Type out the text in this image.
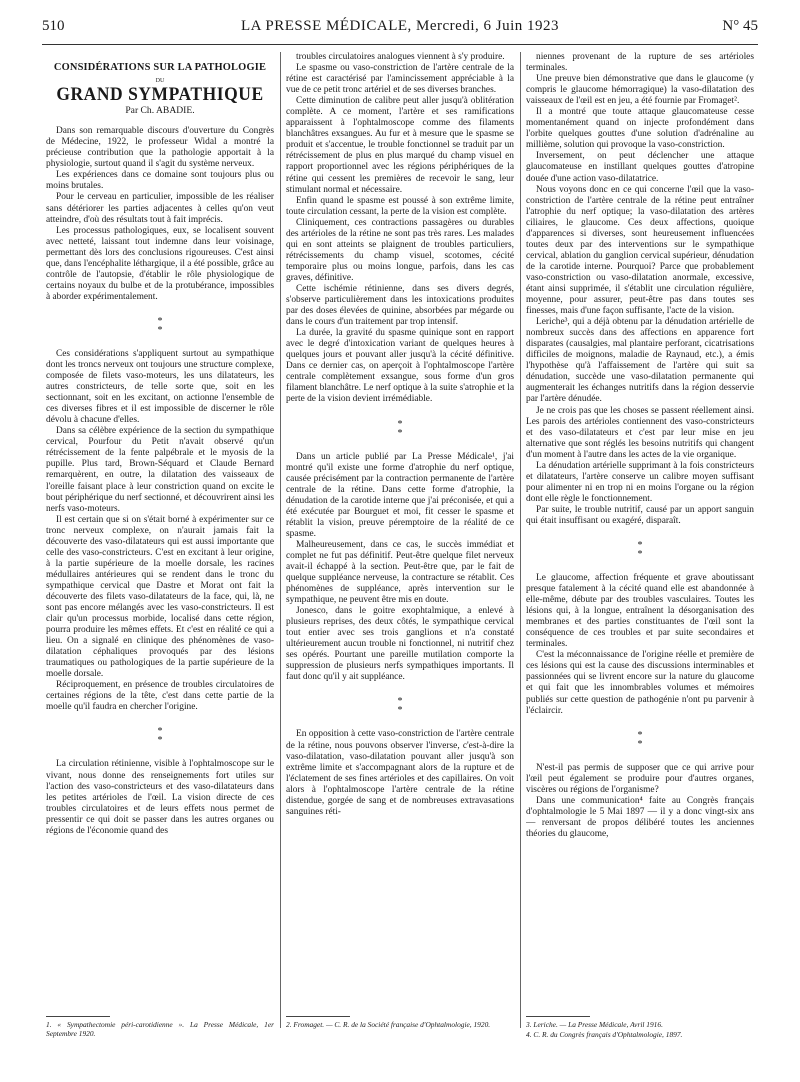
LA PRESSE MÉDICALE, Mercredi, 6 Juin 1923
510	N° 45
CONSIDÉRATIONS SUR LA PATHOLOGIE
DU
GRAND SYMPATHIQUE
Par Ch. ABADIE.

Dans son remarquable discours d'ouverture du Congrès de Médecine, 1922, le professeur Widal a montré la précieuse contribution que la pathologie apportait à la physiologie, surtout quand il s'agit du système nerveux.

Les expériences dans ce domaine sont toujours plus ou moins brutales.

Pour le cerveau en particulier, impossible de les réaliser sans détériorer les parties adjacentes à celles qu'on veut atteindre, d'où des résultats tout à fait imprécis.

Les processus pathologiques, eux, se localisent souvent avec netteté, laissant tout indemne dans leur voisinage, permettant dès lors des conclusions rigoureuses. C'est ainsi que, dans l'encéphalite léthargique, il a été possible, grâce au contrôle de l'autopsie, d'établir le rôle physiologique de certains noyaux du bulbe et de la protubérance, impossibles à aborder expérimentalement.

*
*

Ces considérations s'appliquent surtout au sympathique dont les troncs nerveux ont toujours une structure complexe, composée de filets vaso-moteurs, les uns dilatateurs, les autres constricteurs, de telle sorte que, soit en les sectionnant, soit en les excitant, on actionne l'ensemble de ces diverses fibres et il est impossible de discerner le rôle dévolu à chacune d'elles.

Dans sa célèbre expérience de la section du sympathique cervical, Pourfour du Petit n'avait observé qu'un rétrécissement de la fente palpébrale et le myosis de la pupille. Plus tard, Brown-Séquard et Claude Bernard remarquèrent, en outre, la dilatation des vaisseaux de l'oreille faisant place à leur constriction quand on excite le bout périphérique du nerf sectionné, et découvrirent ainsi les nerfs vaso-moteurs.

Il est certain que si on s'était borné à expérimenter sur ce tronc nerveux complexe, on n'aurait jamais fait la découverte des vaso-dilatateurs qui est aussi importante que celle des vaso-constricteurs. C'est en excitant à leur origine, à la partie supérieure de la moelle dorsale, les racines médullaires antérieures qui se rendent dans le tronc du sympathique cervical que Dastre et Morat ont fait la découverte des filets vaso-dilatateurs de la face, qui, là, ne sont pas encore mélangés avec les vaso-constricteurs. Il est clair qu'un processus morbide, localisé dans cette région, pourra produire les mêmes effets. Et c'est en réalité ce qui a lieu. On a signalé en clinique des phénomènes de vaso-dilatation céphaliques provoqués par des lésions traumatiques ou pathologiques de la partie supérieure de la moelle dorsale.

Réciproquement, en présence de troubles circulatoires de certaines régions de la tête, c'est dans cette partie de la moelle qu'il faudra en chercher l'origine.

*
*

La circulation rétinienne, visible à l'ophtalmoscope sur le vivant, nous donne des renseignements fort utiles sur l'action des vaso-constricteurs et des vaso-dilatateurs dans les petites artérioles de l'œil. La vision directe de ces troubles circulatoires et de leurs effets nous permet de pressentir ce qui doit se passer dans les autres organes ou régions de l'économie quand des

1. « Sympathectomie péri-carotidienne ». La Presse Médicale, 1er Septembre 1920.

troubles circulatoires analogues viennent à s'y produire.

Le spasme ou vaso-constriction de l'artère centrale de la rétine est caractérisé par l'amincissement appréciable à la vue de ce petit tronc artériel et de ses diverses branches.

Cette diminution de calibre peut aller jusqu'à oblitération complète. A ce moment, l'artère et ses ramifications apparaissent à l'ophtalmoscope comme des filaments blanchâtres exsangues. Au fur et à mesure que le spasme se produit et s'accentue, le trouble fonctionnel se traduit par un rétrécissement de plus en plus marqué du champ visuel en rapport proportionnel avec les régions périphériques de la rétine qui cessent les premières de recevoir le sang, leur stimulant normal et nécessaire.

Enfin quand le spasme est poussé à son extrême limite, toute circulation cessant, la perte de la vision est complète.

Cliniquement, ces contractions passagères ou durables des artérioles de la rétine ne sont pas très rares. Les malades qui en sont atteints se plaignent de troubles particuliers, rétrécissements du champ visuel, scotomes, cécité temporaire plus ou moins longue, parfois, dans les cas graves, définitive.

Cette ischémie rétinienne, dans ses divers degrés, s'observe particulièrement dans les intoxications produites par des doses élevées de quinine, absorbées par mégarde ou dans le cours d'un traitement par trop intensif.

La durée, la gravité du spasme quinique sont en rapport avec le degré d'intoxication variant de quelques heures à quelques jours et pouvant aller jusqu'à la cécité définitive. Dans ce dernier cas, on aperçoit à l'ophtalmoscope l'artère centrale complètement exsangue, sous forme d'un gros filament blanchâtre. Le nerf optique à la suite s'atrophie et la perte de la vision devient irrémédiable.

*
*

Dans un article publié par La Presse Médicale¹, j'ai montré qu'il existe une forme d'atrophie du nerf optique, causée précisément par la contraction permanente de l'artère centrale de la rétine. Dans cette forme d'atrophie, la dénudation de la carotide interne que j'ai préconisée, et qui a été exécutée par Bourguet et moi, fit cesser le spasme et rétablit la vision, preuve péremptoire de la réalité de ce spasme.

Malheureusement, dans ce cas, le succès immédiat et complet ne fut pas définitif. Peut-être quelque filet nerveux avait-il échappé à la section. Peut-être que, par le fait de quelque suppléance nerveuse, la contracture se rétablit. Ces phénomènes de suppléance, après intervention sur le sympathique, ne peuvent être mis en doute.

Jonesco, dans le goitre exophtalmique, a enlevé à plusieurs reprises, des deux côtés, le sympathique cervical tout entier avec ses trois ganglions et n'a constaté ultérieurement aucun trouble ni fonctionnel, ni nutritif chez ses opérés. Pourtant une pareille mutilation comporte la suppression de plusieurs nerfs sympathiques importants. Il faut donc qu'il y ait suppléance.

*
*

En opposition à cette vaso-constriction de l'artère centrale de la rétine, nous pouvons observer l'inverse, c'est-à-dire la vaso-dilatation, vaso-dilatation pouvant aller jusqu'à son extrême limite et s'accompagnant alors de la rupture et de l'éclatement de ses fines artérioles et des capillaires. On voit alors à l'ophtalmoscope l'artère centrale de la rétine distendue, gorgée de sang et de nombreuses extravasations sanguines réti-

2. Fromaget. — C. R. de la Société française d'Ophtalmologie, 1920.

niennes provenant de la rupture de ses artérioles terminales.

Une preuve bien démonstrative que dans le glaucome (y compris le glaucome hémorragique) la vaso-dilatation des vaisseaux de l'œil est en jeu, a été fournie par Fromaget².

Il a montré que toute attaque glaucomateuse cesse momentanément quand on injecte profondément dans l'orbite quelques gouttes d'une solution d'adrénaline au millième, solution qui provoque la vaso-constriction.

Inversement, on peut déclencher une attaque glaucomateuse en instillant quelques gouttes d'atropine douée d'une action vaso-dilatatrice.

Nous voyons donc en ce qui concerne l'œil que la vaso-constriction de l'artère centrale de la rétine peut entraîner l'atrophie du nerf optique; la vaso-dilatation des artères ciliaires, le glaucome. Ces deux affections, quoique d'apparences si diverses, sont heureusement influencées toutes deux par des interventions sur le sympathique cervical, ablation du ganglion cervical supérieur, dénudation de la carotide interne. Pourquoi? Parce que probablement vaso-constriction ou vaso-dilatation anormale, excessive, étant ainsi supprimée, il s'établit une circulation régulière, moyenne, pour assurer, peut-être pas dans toutes ses finesses, mais d'une façon suffisante, l'acte de la vision.

Leriche³, qui a déjà obtenu par la dénudation artérielle de nombreux succès dans des affections en apparence fort disparates (causalgies, mal plantaire perforant, cicatrisations difficiles de moignons, maladie de Raynaud, etc.), a émis l'hypothèse qu'à l'affaissement de l'artère qui suit sa dénudation, succède une vaso-dilatation permanente qui augmenterait les échanges nutritifs dans la région desservie par l'artère dénudée.

Je ne crois pas que les choses se passent réellement ainsi. Les parois des artérioles contiennent des vaso-constricteurs et des vaso-dilatateurs et c'est par leur mise en jeu alternative que sont réglés les besoins nutritifs qui changent d'un moment à l'autre dans les actes de la vie organique.

La dénudation artérielle supprimant à la fois constricteurs et dilatateurs, l'artère conserve un calibre moyen suffisant pour alimenter ni en trop ni en moins l'organe ou la région dont elle règle le fonctionnement.

Par suite, le trouble nutritif, causé par un apport sanguin qui était insuffisant ou exagéré, disparaît.

*
*

Le glaucome, affection fréquente et grave aboutissant presque fatalement à la cécité quand elle est abandonnée à elle-même, débute par des troubles vasculaires. Toutes les lésions qui, à la longue, entraînent la désorganisation des membranes et des parties constituantes de l'œil sont la conséquence de ces troubles et par suite secondaires et terminales.

C'est la méconnaissance de l'origine réelle et première de ces lésions qui est la cause des discussions interminables et passionnées qui se livrent encore sur la nature du glaucome et qui fait que les innombrables volumes et mémoires publiés sur cette question de pathogénie n'ont pu parvenir à l'éclaircir.

*
*

N'est-il pas permis de supposer que ce qui arrive pour l'œil peut également se produire pour d'autres organes, viscères ou régions de l'organisme?

Dans une communication⁴ faite au Congrès français d'ophtalmologie le 5 Mai 1897 — il y a donc vingt-six ans — renversant de propos délibéré toutes les anciennes théories du glaucome,

3. Leriche. — La Presse Médicale, Avril 1916.
4. C. R. du Congrès français d'Ophtalmologie, 1897.
